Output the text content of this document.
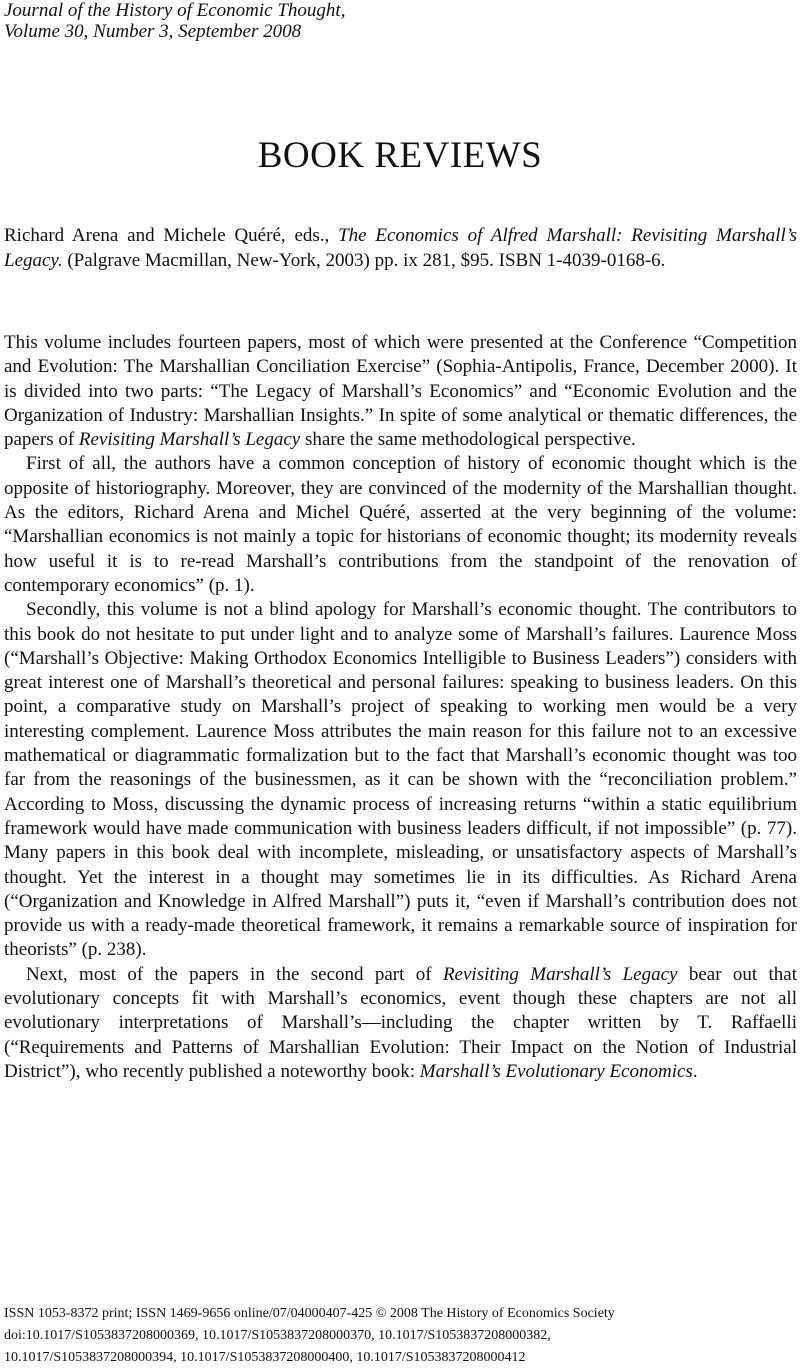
Journal of the History of Economic Thought,
Volume 30, Number 3, September 2008
BOOK REVIEWS
Richard Arena and Michele Quéré, eds., The Economics of Alfred Marshall: Revisiting Marshall’s Legacy. (Palgrave Macmillan, New-York, 2003) pp. ix 281, $95. ISBN 1-4039-0168-6.

This volume includes fourteen papers, most of which were presented at the Conference “Competition and Evolution: The Marshallian Conciliation Exercise” (Sophia-Antipolis, France, December 2000). It is divided into two parts: “The Legacy of Marshall’s Economics” and “Economic Evolution and the Organization of Industry: Marshallian Insights.” In spite of some analytical or thematic differences, the papers of Revisiting Marshall’s Legacy share the same methodological perspective.

First of all, the authors have a common conception of history of economic thought which is the opposite of historiography. Moreover, they are convinced of the modernity of the Marshallian thought. As the editors, Richard Arena and Michel Quéré, asserted at the very beginning of the volume: “Marshallian economics is not mainly a topic for historians of economic thought; its modernity reveals how useful it is to re-read Marshall’s contributions from the standpoint of the renovation of contemporary economics” (p. 1).

Secondly, this volume is not a blind apology for Marshall’s economic thought. The contributors to this book do not hesitate to put under light and to analyze some of Marshall’s failures. Laurence Moss (“Marshall’s Objective: Making Orthodox Economics Intelligible to Business Leaders”) considers with great interest one of Marshall’s theoretical and personal failures: speaking to business leaders. On this point, a comparative study on Marshall’s project of speaking to working men would be a very interesting complement. Laurence Moss attributes the main reason for this failure not to an excessive mathematical or diagrammatic formalization but to the fact that Marshall’s economic thought was too far from the reasonings of the businessmen, as it can be shown with the “reconciliation problem.” According to Moss, discussing the dynamic process of increasing returns “within a static equilibrium framework would have made communication with business leaders difficult, if not impossible” (p. 77). Many papers in this book deal with incomplete, misleading, or unsatisfactory aspects of Marshall’s thought. Yet the interest in a thought may sometimes lie in its difficulties. As Richard Arena (“Organization and Knowledge in Alfred Marshall”) puts it, “even if Marshall’s contribution does not provide us with a ready-made theoretical framework, it remains a remarkable source of inspiration for theorists” (p. 238).

Next, most of the papers in the second part of Revisiting Marshall’s Legacy bear out that evolutionary concepts fit with Marshall’s economics, event though these chapters are not all evolutionary interpretations of Marshall’s—including the chapter written by T. Raffaelli (“Requirements and Patterns of Marshallian Evolution: Their Impact on the Notion of Industrial District”), who recently published a noteworthy book: Marshall’s Evolutionary Economics.

ISSN 1053-8372 print; ISSN 1469-9656 online/07/04000407-425 © 2008 The History of Economics Society
doi:10.1017/S1053837208000369, 10.1017/S1053837208000370, 10.1017/S1053837208000382,
10.1017/S1053837208000394, 10.1017/S1053837208000400, 10.1017/S1053837208000412
